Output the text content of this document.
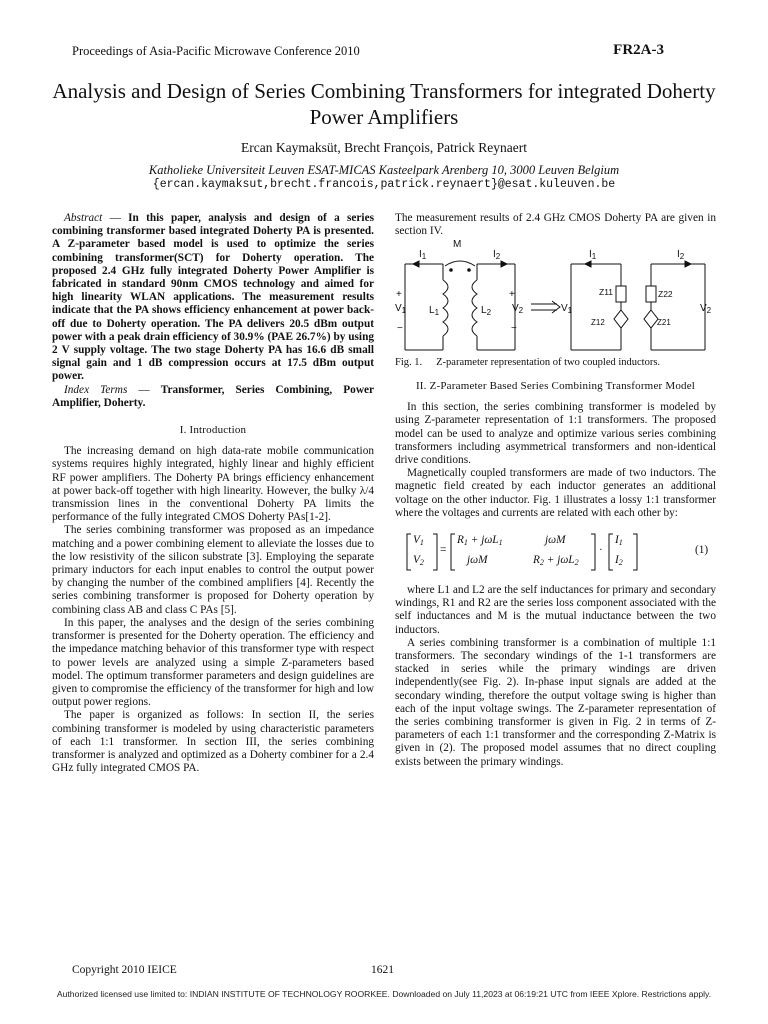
Proceedings of Asia-Pacific Microwave Conference 2010	FR2A-3
Analysis and Design of Series Combining Transformers for integrated Doherty Power Amplifiers
Ercan Kaymaksüt, Brecht François, Patrick Reynaert
Katholieke Universiteit Leuven ESAT-MICAS Kasteelpark Arenberg 10, 3000 Leuven Belgium
{ercan.kaymaksut,brecht.francois,patrick.reynaert}@esat.kuleuven.be

Abstract — In this paper, analysis and design of a series combining transformer based integrated Doherty PA is presented. A Z-parameter based model is used to optimize the series combining transformer(SCT) for Doherty operation. The proposed 2.4 GHz fully integrated Doherty Power Amplifier is fabricated in standard 90nm CMOS technology and aimed for high linearity WLAN applications. The measurement results indicate that the PA shows efficiency enhancement at power back-off due to Doherty operation. The PA delivers 20.5 dBm output power with a peak drain efficiency of 30.9% (PAE 26.7%) by using 2 V supply voltage. The two stage Doherty PA has 16.6 dB small signal gain and 1 dB compression occurs at 17.5 dBm output power.

Index Terms — Transformer, Series Combining, Power Amplifier, Doherty.

I. Introduction

The increasing demand on high data-rate mobile communication systems requires highly integrated, highly linear and highly efficient RF power amplifiers. The Doherty PA brings efficiency enhancement at power back-off together with high linearity. However, the bulky λ/4 transmission lines in the conventional Doherty PA limits the performance of the fully integrated CMOS Doherty PAs[1-2].

The series combining transformer was proposed as an impedance matching and a power combining element to alleviate the losses due to the low resistivity of the silicon substrate [3]. Employing the separate primary inductors for each input enables to control the output power by changing the number of the combined amplifiers [4]. Recently the series combining transformer is proposed for Doherty operation by combining class AB and class C PAs [5].

In this paper, the analyses and the design of the series combining transformer is presented for the Doherty operation. The efficiency and the impedance matching behavior of this transformer type with respect to power levels are analyzed using a simple Z-parameters based model. The optimum transformer parameters and design guidelines are given to compromise the efficiency of the transformer for high and low output power regions.

The paper is organized as follows: In section II, the series combining transformer is modeled by using characteristic parameters of each 1:1 transformer. In section III, the series combining transformer is analyzed and optimized as a Doherty combiner for a 2.4 GHz fully integrated CMOS PA.

The measurement results of 2.4 GHz CMOS Doherty PA are given in section IV.

M
$I_1$	$I_2$
+
$V_1$
−
$L_1$	$L_2$
+
$V_2$
−
$I_1$	$I_2$
Z11	Z22
Z12	Z21
$V_1$	$V_2$

Fig. 1. Z-parameter representation of two coupled inductors.

II. Z-Parameter Based Series Combining Transformer Model

In this section, the series combining transformer is modeled by using Z-parameter representation of 1:1 transformers. The proposed model can be used to analyze and optimize various series combining transformers including asymmetrical transformers and non-identical drive conditions.

Magnetically coupled transformers are made of two inductors. The magnetic field created by each inductor generates an additional voltage on the other inductor. Fig. 1 illustrates a lossy 1:1 transformer where the voltages and currents are related with each other by:

$V_1$
$V_2$
=
$R_1 + j\omega L_1$	jωM
jωM	$R_2 + j\omega L_2$
·
$I_1$
$I_2$
(1)

where L1 and L2 are the self inductances for primary and secondary windings, R1 and R2 are the series loss component associated with the self inductances and M is the mutual inductance between the two inductors.

A series combining transformer is a combination of multiple 1:1 transformers. The secondary windings of the 1-1 transformers are stacked in series while the primary windings are driven independently(see Fig. 2). In-phase input signals are added at the secondary winding, therefore the output voltage swing is higher than each of the input voltage swings. The Z-parameter representation of the series combining transformer is given in Fig. 2 in terms of Z-parameters of each 1:1 transformer and the corresponding Z-Matrix is given in (2). The proposed model assumes that no direct coupling exists between the primary windings.

Copyright 2010 IEICE	1621
Authorized licensed use limited to: INDIAN INSTITUTE OF TECHNOLOGY ROORKEE. Downloaded on July 11,2023 at 06:19:21 UTC from IEEE Xplore. Restrictions apply.
